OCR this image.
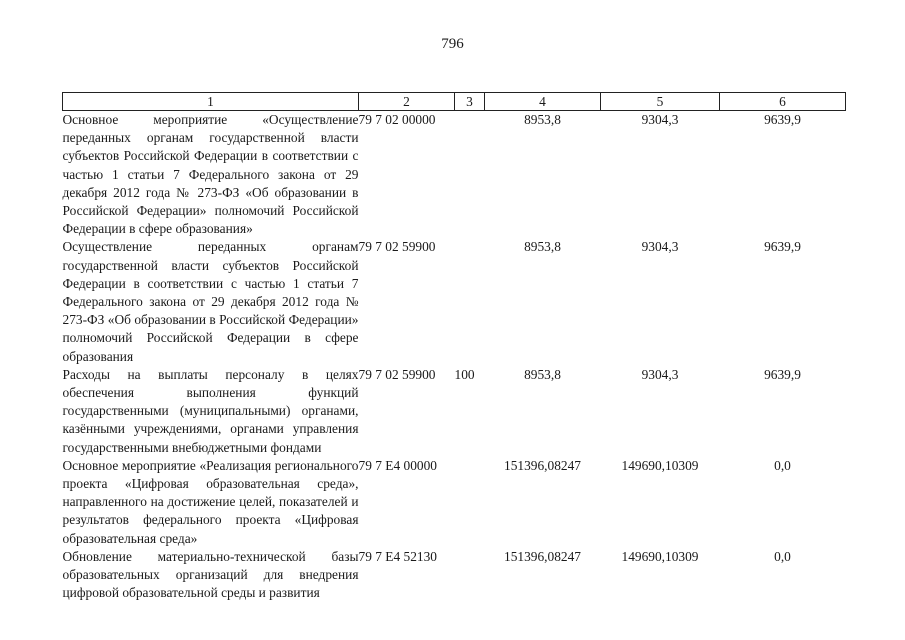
796
1	2	3	4	5	6
Основное мероприятие «Осуществление переданных органам государственной власти субъектов Российской Федерации в соответствии с частью 1 статьи 7 Федерального закона от 29 декабря 2012 года № 273-ФЗ «Об образовании в Российской Федерации» полномочий Российской Федерации в сфере образования»	79 7 02 00000		8953,8	9304,3	9639,9
Осуществление переданных органам государственной власти субъектов Российской Федерации в соответствии с частью 1 статьи 7 Федерального закона от 29 декабря 2012 года № 273-ФЗ «Об образовании в Российской Федерации» полномочий Российской Федерации в сфере образования	79 7 02 59900		8953,8	9304,3	9639,9
Расходы на выплаты персоналу в целях обеспечения выполнения функций государственными (муниципальными) органами, казёнными учреждениями, органами управления государственными внебюджетными фондами	79 7 02 59900	100	8953,8	9304,3	9639,9
Основное мероприятие «Реализация регионального проекта «Цифровая образовательная среда», направленного на достижение целей, показателей и результатов федерального проекта «Цифровая образовательная среда»	79 7 Е4 00000		151396,08247	149690,10309	0,0
Обновление материально-технической базы образовательных организаций для внедрения цифровой образовательной среды и развития	79 7 Е4 52130		151396,08247	149690,10309	0,0
